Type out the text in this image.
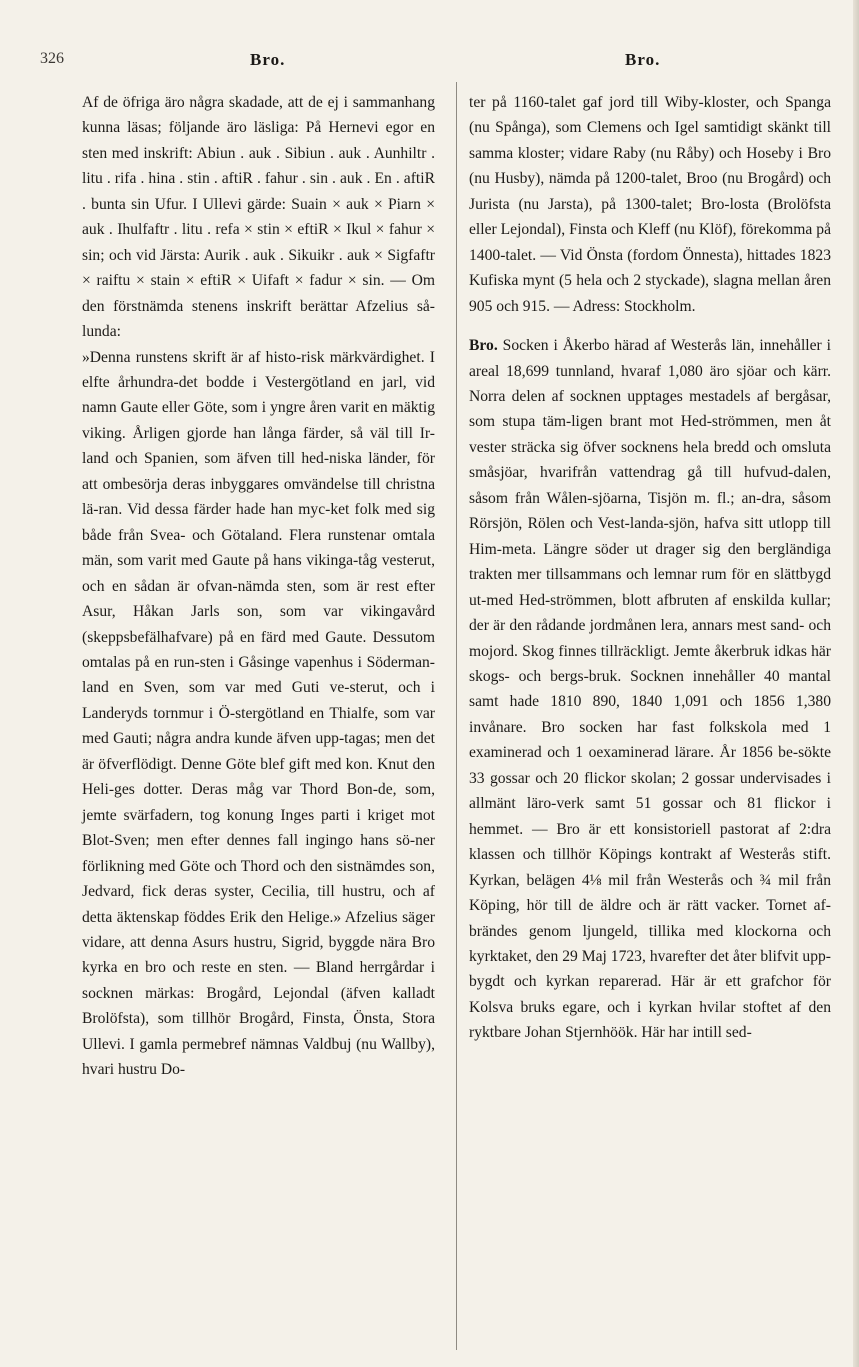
326	Bro.	Bro.

Af de öfriga äro några skadade, att de ej i sammanhang kunna läsas; följande äro läsliga: På Hernevi egor en sten med inskrift: Abiun . auk . Sibiun . auk . Aunhiltr . litu . rifa . hina . stin . aftiR . fahur . sin . auk . En . aftiR . bunta sin Ufur. I Ullevi gärde: Suain × auk × Piarn × auk . Ihulfaftr . litu . refa × stin × eftiR × Ikul × fahur × sin; och vid Järsta: Aurik . auk . Sikuikr . auk × Sigfaftr × raiftu × stain × eftiR × Uifaft × fadur × sin. — Om den förstnämda stenens inskrift berättar Afzelius så-lunda:

»Denna runstens skrift är af histo-risk märkvärdighet. I elfte århundra-det bodde i Vestergötland en jarl, vid namn Gaute eller Göte, som i yngre åren varit en mäktig viking. Årligen gjorde han långa färder, så väl till Ir-land och Spanien, som äfven till hed-niska länder, för att ombesörja deras inbyggares omvändelse till christna lä-ran. Vid dessa färder hade han myc-ket folk med sig både från Svea- och Götaland. Flera runstenar omtala män, som varit med Gaute på hans vikinga-tåg vesterut, och en sådan är ofvan-nämda sten, som är rest efter Asur, Håkan Jarls son, som var vikingavård (skeppsbefälhafvare) på en färd med Gaute. Dessutom omtalas på en run-sten i Gåsinge vapenhus i Söderman-land en Sven, som var med Guti ve-sterut, och i Landeryds tornmur i Ö-stergötland en Thialfe, som var med Gauti; några andra kunde äfven upp-tagas; men det är öfverflödigt. Denne Göte blef gift med kon. Knut den Heli-ges dotter. Deras måg var Thord Bon-de, som, jemte svärfadern, tog konung Inges parti i kriget mot Blot-Sven; men efter dennes fall ingingo hans sö-ner förlikning med Göte och Thord och den sistnämdes son, Jedvard, fick deras syster, Cecilia, till hustru, och af detta äktenskap föddes Erik den Helige.» Afzelius säger vidare, att denna Asurs hustru, Sigrid, byggde nära Bro kyrka en bro och reste en sten. — Bland herrgårdar i socknen märkas: Brogård, Lejondal (äfven kalladt Brolöfsta), som tillhör Brogård, Finsta, Önsta, Stora Ullevi. I gamla permebref nämnas Valdbuj (nu Wallby), hvari hustru Do-

ter på 1160-talet gaf jord till Wiby-kloster, och Spanga (nu Spånga), som Clemens och Igel samtidigt skänkt till samma kloster; vidare Raby (nu Råby) och Hoseby i Bro (nu Husby), nämda på 1200-talet, Broo (nu Brogård) och Jurista (nu Jarsta), på 1300-talet; Bro-losta (Brolöfsta eller Lejondal), Finsta och Kleff (nu Klöf), förekomma på 1400-talet. — Vid Önsta (fordom Önnesta), hittades 1823 Kufiska mynt (5 hela och 2 styckade), slagna mellan åren 905 och 915. — Adress: Stockholm.

Bro. Socken i Åkerbo härad af Westerås län, innehåller i areal 18,699 tunnland, hvaraf 1,080 äro sjöar och kärr. Norra delen af socknen upptages mestadels af bergåsar, som stupa täm-ligen brant mot Hed-strömmen, men åt vester sträcka sig öfver socknens hela bredd och omsluta småsjöar, hvarifrån vattendrag gå till hufvud-dalen, såsom från Wålen-sjöarna, Tisjön m. fl.; an-dra, såsom Rörsjön, Rölen och Vest-landa-sjön, hafva sitt utlopp till Him-meta. Längre söder ut drager sig den bergländiga trakten mer tillsammans och lemnar rum för en slättbygd ut-med Hed-strömmen, blott afbruten af enskilda kullar; der är den rådande jordmånen lera, annars mest sand- och mojord. Skog finnes tillräckligt. Jemte åkerbruk idkas här skogs- och bergs-bruk. Socknen innehåller 40 mantal samt hade 1810 890, 1840 1,091 och 1856 1,380 invånare. Bro socken har fast folkskola med 1 examinerad och 1 oexaminerad lärare. År 1856 be-sökte 33 gossar och 20 flickor skolan; 2 gossar undervisades i allmänt läro-verk samt 51 gossar och 81 flickor i hemmet. — Bro är ett konsistoriell pastorat af 2:dra klassen och tillhör Köpings kontrakt af Westerås stift. Kyrkan, belägen 4⅛ mil från Westerås och ¾ mil från Köping, hör till de äldre och är rätt vacker. Tornet af-brändes genom ljungeld, tillika med klockorna och kyrktaket, den 29 Maj 1723, hvarefter det åter blifvit upp-bygdt och kyrkan reparerad. Här är ett grafchor för Kolsva bruks egare, och i kyrkan hvilar stoftet af den ryktbare Johan Stjernhöök. Här har intill sed-
